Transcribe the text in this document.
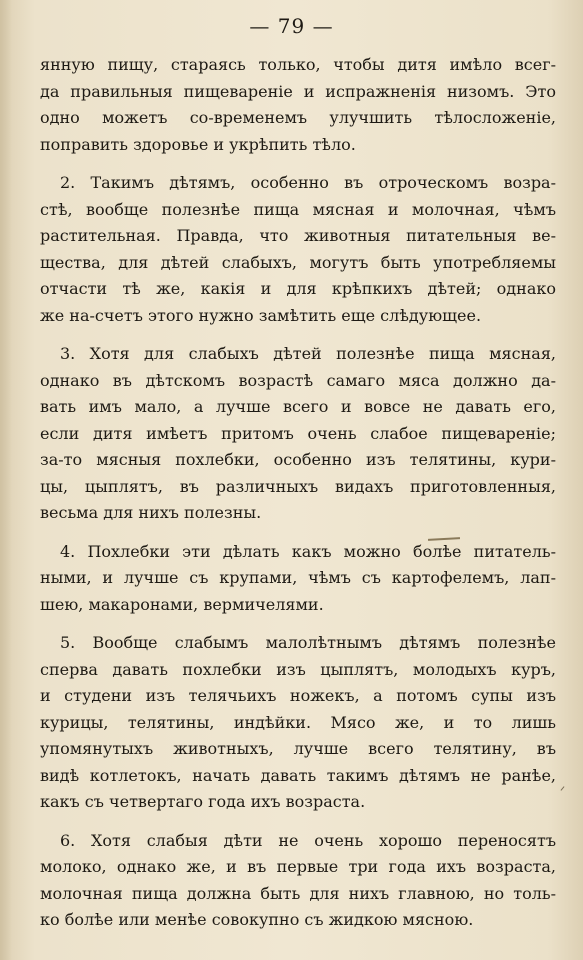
— 79 —
янную пищу, стараясь только, чтобы дитя имѣло всег-
да правильныя пищевареніе и испражненія низомъ. Это
одно можетъ со-временемъ улучшить тѣлосложеніе,
поправить здоровье и укрѣпить тѣло.
2. Такимъ дѣтямъ, особенно въ отроческомъ возра-
стѣ, вообще полезнѣе пища мясная и молочная, чѣмъ
растительная. Правда, что животныя питательныя ве-
щества, для дѣтей слабыхъ, могутъ быть употребляемы
отчасти тѣ же, какія и для крѣпкихъ дѣтей; однако
же на-счетъ этого нужно замѣтить еще слѣдующее.
3. Хотя для слабыхъ дѣтей полезнѣе пища мясная,
однако въ дѣтскомъ возрастѣ самаго мяса должно да-
вать имъ мало, а лучше всего и вовсе не давать его,
если дитя имѣетъ притомъ очень слабое пищевареніе;
за-то мясныя похлебки, особенно изъ телятины, кури-
цы, цыплятъ, въ различныхъ видахъ приготовленныя,
весьма для нихъ полезны.
4. Похлебки эти дѣлать какъ можно болѣе питатель-
ными, и лучше съ крупами, чѣмъ съ картофелемъ, лап-
шею, макаронами, вермичелями.
5. Вообще слабымъ малолѣтнымъ дѣтямъ полезнѣе
сперва давать похлебки изъ цыплятъ, молодыхъ куръ,
и студени изъ телячьихъ ножекъ, а потомъ супы изъ
курицы, телятины, индѣйки. Мясо же, и то лишь
упомянутыхъ животныхъ, лучше всего телятину, въ
видѣ котлетокъ, начать давать такимъ дѣтямъ не ранѣе,
какъ съ четвертаго года ихъ возраста.
6. Хотя слабыя дѣти не очень хорошо переносятъ
молоко, однако же, и въ первые три года ихъ возраста,
молочная пища должна быть для нихъ главною, но толь-
ко болѣе или менѣе совокупно съ жидкою мясною.
